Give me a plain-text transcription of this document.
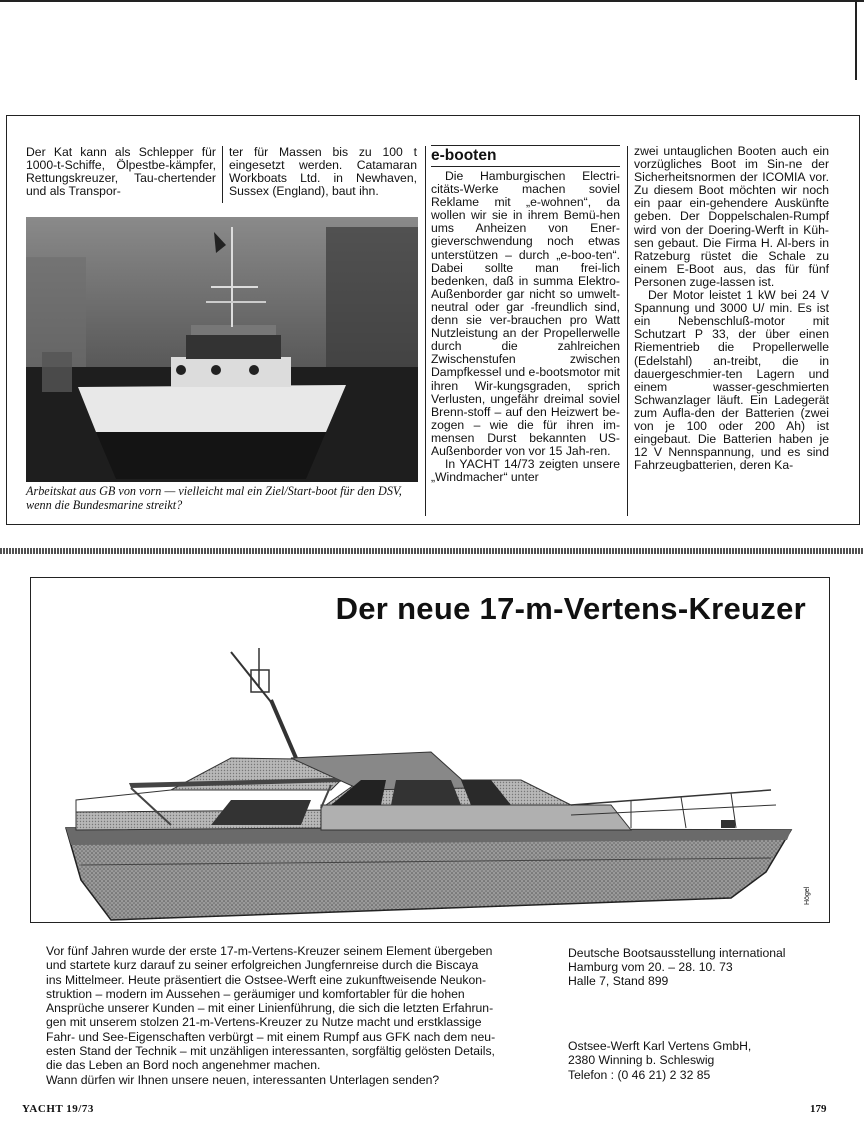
Der Kat kann als Schlepper für 1000-t-Schiffe, Ölpestbe-kämpfer, Rettungskreuzer, Tau-chertender und als Transpor-

ter für Massen bis zu 100 t eingesetzt werden. Catamaran Workboats Ltd. in Newhaven, Sussex (England), baut ihn.

Arbeitskat aus GB von vorn — vielleicht mal ein Ziel/Start-boot für den DSV, wenn die Bundesmarine streikt?
e-booten

Die Hamburgischen Electri-citäts-Werke machen soviel Reklame mit „e-wohnen“, da wollen wir sie in ihrem Bemü-hen ums Anheizen von Ener-gieverschwendung noch etwas unterstützen – durch „e-boo-ten“. Dabei sollte man frei-lich bedenken, daß in summa Elektro-Außenborder gar nicht so umwelt-neutral oder gar -freundlich sind, denn sie ver-brauchen pro Watt Nutzleistung an der Propellerwelle durch die zahlreichen Zwischenstufen zwischen Dampfkessel und e-bootsmotor mit ihren Wir-kungsgraden, sprich Verlusten, ungefähr dreimal soviel Brenn-stoff – auf den Heizwert be-zogen – wie die für ihren im-mensen Durst bekannten US-Außenborder von vor 15 Jah-ren.

In YACHT 14/73 zeigten unsere „Windmacher“ unter

zwei untauglichen Booten auch ein vorzügliches Boot im Sin-ne der Sicherheitsnormen der ICOMIA vor. Zu diesem Boot möchten wir noch ein paar ein-gehendere Auskünfte geben. Der Doppelschalen-Rumpf wird von der Doering-Werft in Küh-sen gebaut. Die Firma H. Al-bers in Ratzeburg rüstet die Schale zu einem E-Boot aus, das für fünf Personen zuge-lassen ist.

Der Motor leistet 1 kW bei 24 V Spannung und 3000 U/ min. Es ist ein Nebenschluß-motor mit Schutzart P 33, der über einen Riementrieb die Propellerwelle (Edelstahl) an-treibt, die in dauergeschmier-ten Lagern und einem wasser-geschmierten Schwanzlager läuft. Ein Ladegerät zum Aufla-den der Batterien (zwei von je 100 oder 200 Ah) ist eingebaut. Die Batterien haben je 12 V Nennspannung, und es sind Fahrzeugbatterien, deren Ka-

Der neue 17-m-Vertens-Kreuzer
Högel
Vor fünf Jahren wurde der erste 17-m-Vertens-Kreuzer seinem Element übergeben
und startete kurz darauf zu seiner erfolgreichen Jungfernreise durch die Biscaya
ins Mittelmeer. Heute präsentiert die Ostsee-Werft eine zukunftweisende Neukon-
struktion – modern im Aussehen – geräumiger und komfortabler für die hohen
Ansprüche unserer Kunden – mit einer Linienführung, die sich die letzten Erfahrun-
gen mit unserem stolzen 21-m-Vertens-Kreuzer zu Nutze macht und erstklassige
Fahr- und See-Eigenschaften verbürgt – mit einem Rumpf aus GFK nach dem neu-
esten Stand der Technik – mit unzähligen interessanten, sorgfältig gelösten Details,
die das Leben an Bord noch angenehmer machen.
Wann dürfen wir Ihnen unsere neuen, interessanten Unterlagen senden?
Deutsche Bootsausstellung international
Hamburg vom 20. – 28. 10. 73
Halle 7, Stand 899
Ostsee-Werft Karl Vertens GmbH,
2380 Winning b. Schleswig
Telefon : (0 46 21) 2 32 85
YACHT 19/73	179
